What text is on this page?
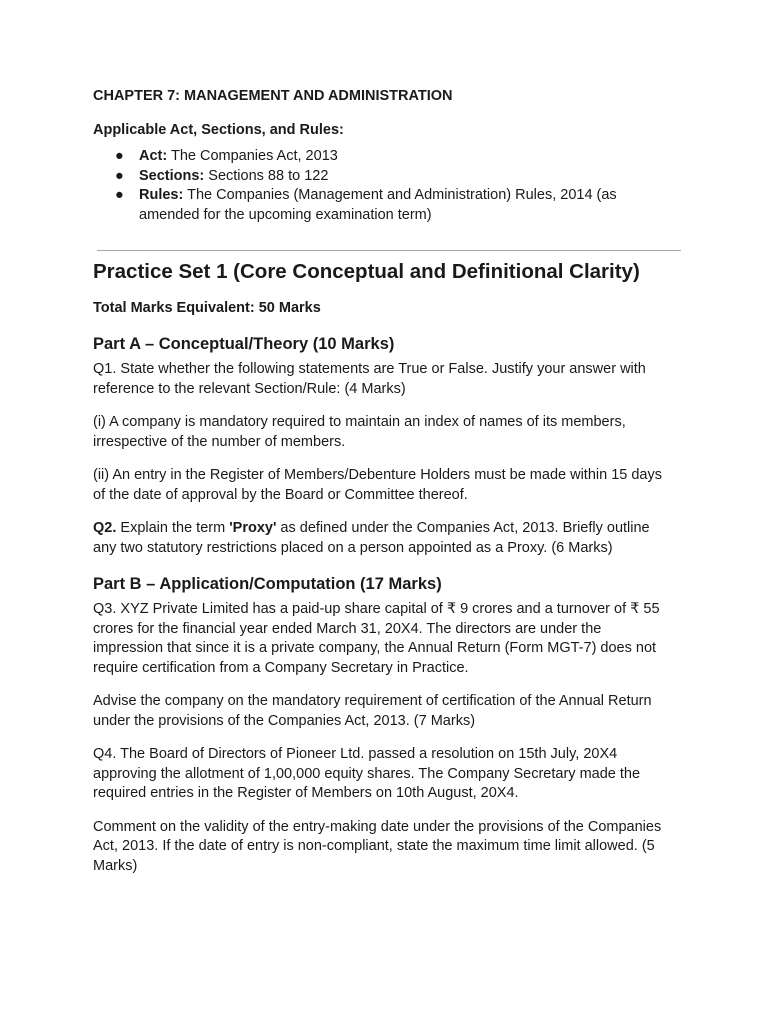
CHAPTER 7: MANAGEMENT AND ADMINISTRATION
Applicable Act, Sections, and Rules:
● Act: The Companies Act, 2013
● Sections: Sections 88 to 122
● Rules: The Companies (Management and Administration) Rules, 2014 (as amended for the upcoming examination term)
Practice Set 1 (Core Conceptual and Definitional Clarity)
Total Marks Equivalent: 50 Marks
Part A – Conceptual/Theory (10 Marks)

Q1. State whether the following statements are True or False. Justify your answer with reference to the relevant Section/Rule: (4 Marks)

(i) A company is mandatory required to maintain an index of names of its members, irrespective of the number of members.

(ii) An entry in the Register of Members/Debenture Holders must be made within 15 days of the date of approval by the Board or Committee thereof.

Q2. Explain the term 'Proxy' as defined under the Companies Act, 2013. Briefly outline any two statutory restrictions placed on a person appointed as a Proxy. (6 Marks)

Part B – Application/Computation (17 Marks)

Q3. XYZ Private Limited has a paid-up share capital of ₹ 9 crores and a turnover of ₹ 55 crores for the financial year ended March 31, 20X4. The directors are under the impression that since it is a private company, the Annual Return (Form MGT-7) does not require certification from a Company Secretary in Practice.

Advise the company on the mandatory requirement of certification of the Annual Return under the provisions of the Companies Act, 2013. (7 Marks)

Q4. The Board of Directors of Pioneer Ltd. passed a resolution on 15th July, 20X4 approving the allotment of 1,00,000 equity shares. The Company Secretary made the required entries in the Register of Members on 10th August, 20X4.

Comment on the validity of the entry-making date under the provisions of the Companies Act, 2013. If the date of entry is non-compliant, state the maximum time limit allowed. (5 Marks)
